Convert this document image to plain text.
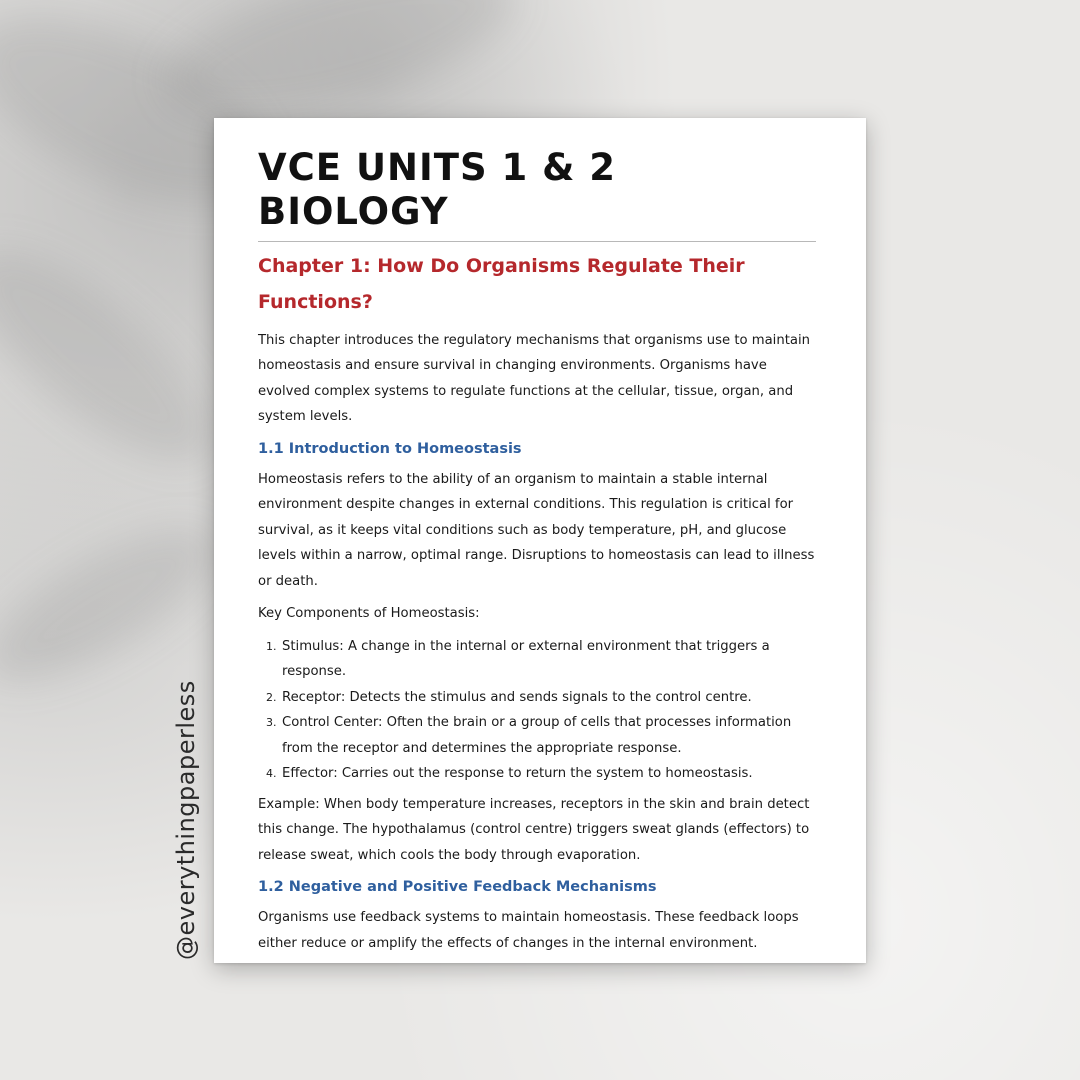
VCE UNITS 1 & 2 BIOLOGY
Chapter 1: How Do Organisms Regulate Their Functions?

This chapter introduces the regulatory mechanisms that organisms use to maintain homeostasis and ensure survival in changing environments. Organisms have evolved complex systems to regulate functions at the cellular, tissue, organ, and system levels.

1.1 Introduction to Homeostasis

Homeostasis refers to the ability of an organism to maintain a stable internal environment despite changes in external conditions. This regulation is critical for survival, as it keeps vital conditions such as body temperature, pH, and glucose levels within a narrow, optimal range. Disruptions to homeostasis can lead to illness or death.

Key Components of Homeostasis:

1. Stimulus: A change in the internal or external environment that triggers a response.
2. Receptor: Detects the stimulus and sends signals to the control centre.
3. Control Center: Often the brain or a group of cells that processes information from the receptor and determines the appropriate response.
4. Effector: Carries out the response to return the system to homeostasis.

Example: When body temperature increases, receptors in the skin and brain detect this change. The hypothalamus (control centre) triggers sweat glands (effectors) to release sweat, which cools the body through evaporation.

1.2 Negative and Positive Feedback Mechanisms

Organisms use feedback systems to maintain homeostasis. These feedback loops either reduce or amplify the effects of changes in the internal environment.

@everythingpaperless
